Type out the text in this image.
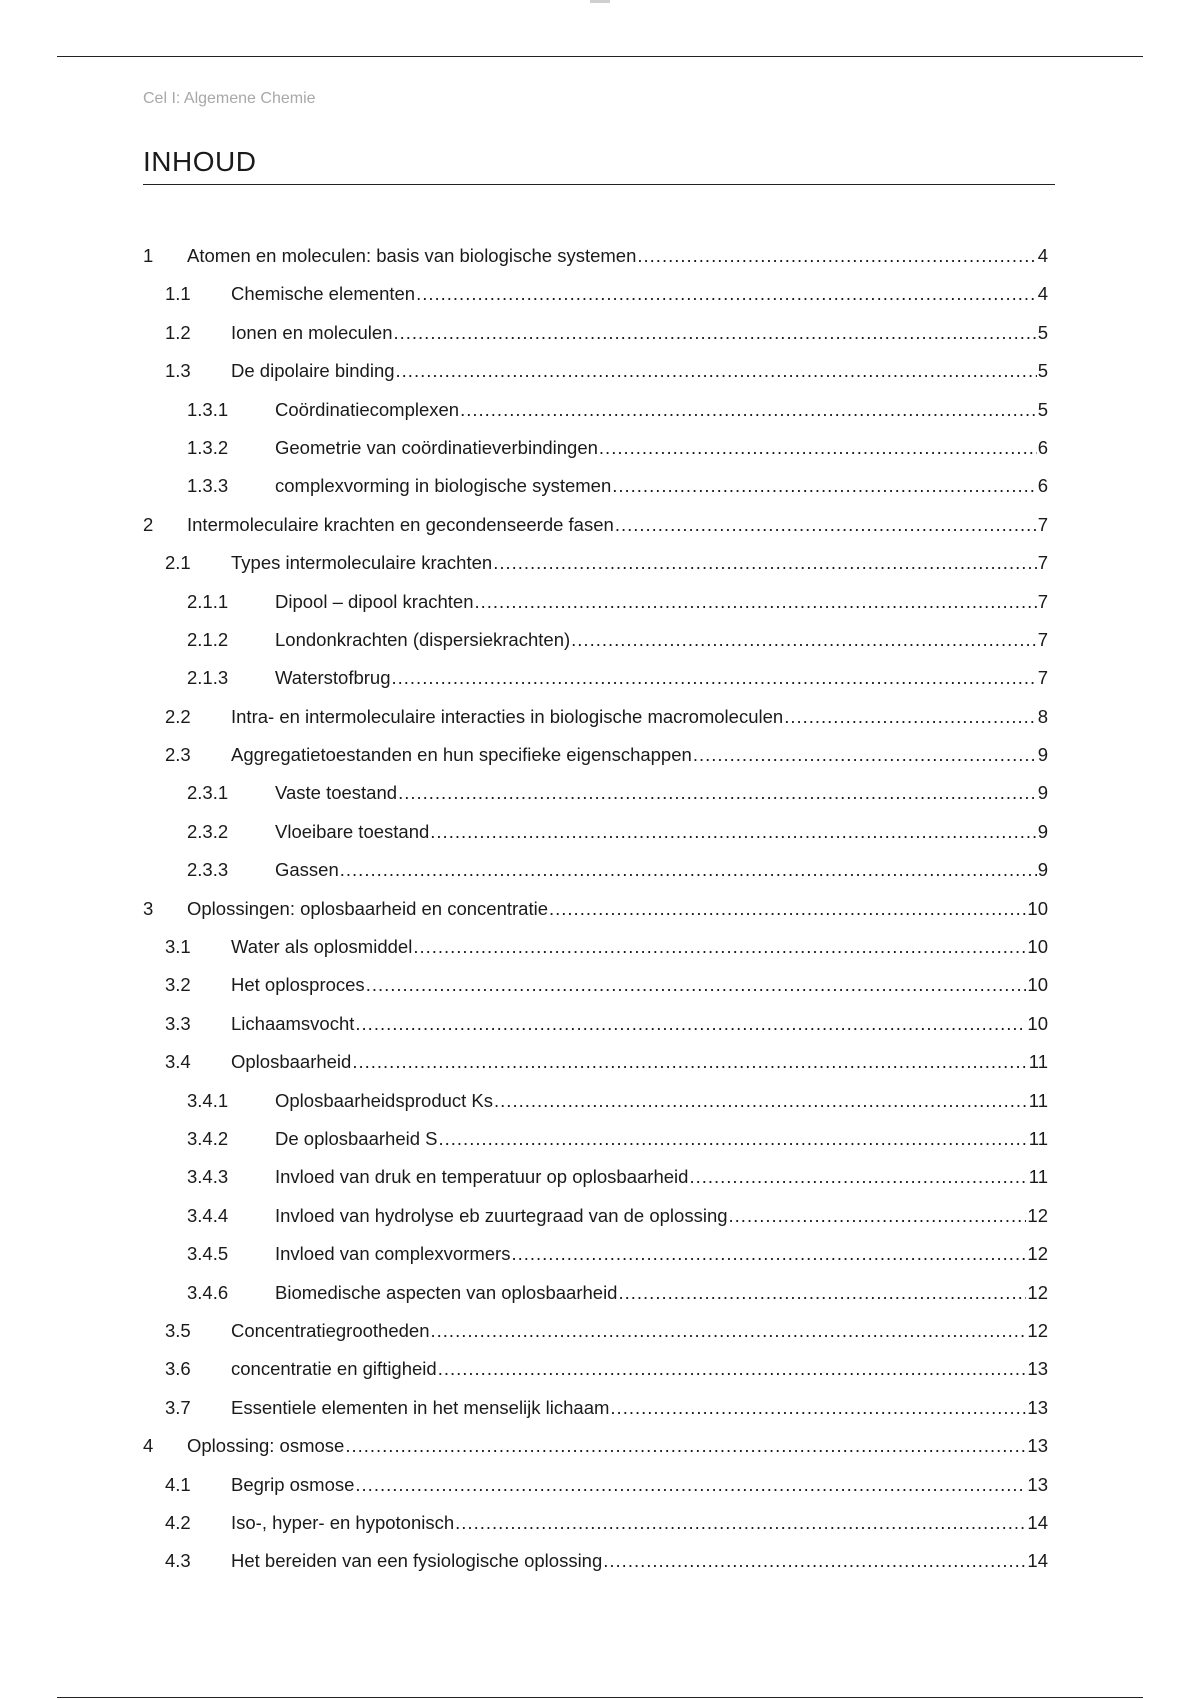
Cel I: Algemene Chemie
INHOUD
1	Atomen en moleculen: basis van biologische systemen .....	4
1.1	Chemische elementen .....	4
1.2	Ionen en moleculen .....	5
1.3	De dipolaire binding .....	5
1.3.1	Coördinatiecomplexen .....	5
1.3.2	Geometrie van coördinatieverbindingen .....	6
1.3.3	complexvorming in biologische systemen .....	6
2	Intermoleculaire krachten en gecondenseerde fasen .....	7
2.1	Types intermoleculaire krachten .....	7
2.1.1	Dipool – dipool krachten .....	7
2.1.2	Londonkrachten (dispersiekrachten) .....	7
2.1.3	Waterstofbrug .....	7
2.2	Intra- en intermoleculaire interacties in biologische macromoleculen .....	8
2.3	Aggregatietoestanden en hun specifieke eigenschappen .....	9
2.3.1	Vaste toestand .....	9
2.3.2	Vloeibare toestand .....	9
2.3.3	Gassen .....	9
3	Oplossingen: oplosbaarheid en concentratie .....	10
3.1	Water als oplosmiddel .....	10
3.2	Het oplosproces .....	10
3.3	Lichaamsvocht .....	10
3.4	Oplosbaarheid .....	11
3.4.1	Oplosbaarheidsproduct Ks .....	11
3.4.2	De oplosbaarheid S .....	11
3.4.3	Invloed van druk en temperatuur op oplosbaarheid .....	11
3.4.4	Invloed van hydrolyse eb zuurtegraad van de oplossing .....	12
3.4.5	Invloed van complexvormers .....	12
3.4.6	Biomedische aspecten van oplosbaarheid .....	12
3.5	Concentratiegrootheden .....	12
3.6	concentratie en giftigheid .....	13
3.7	Essentiele elementen in het menselijk lichaam .....	13
4	Oplossing: osmose .....	13
4.1	Begrip osmose .....	13
4.2	Iso-, hyper- en hypotonisch .....	14
4.3	Het bereiden van een fysiologische oplossing .....	14
